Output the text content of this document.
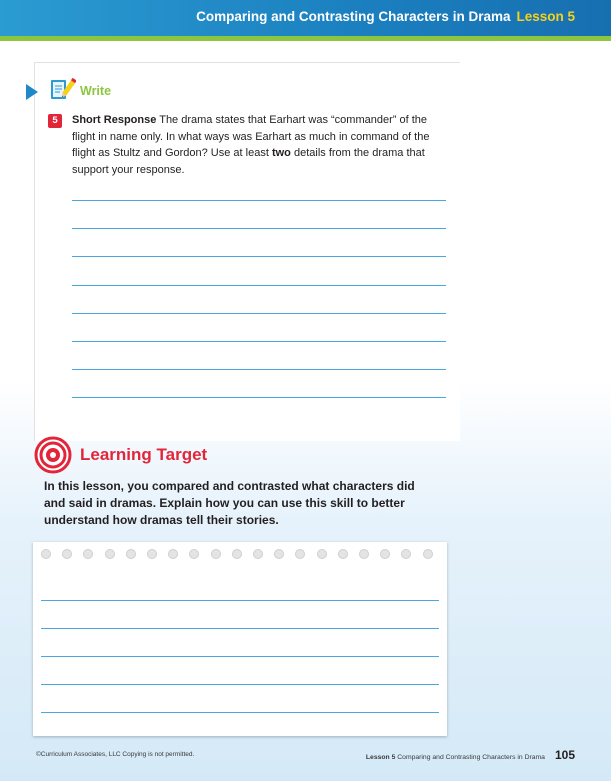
Comparing and Contrasting Characters in Drama Lesson 5
Write
5	Short Response The drama states that Earhart was “commander” of the flight in name only. In what ways was Earhart as much in command of the flight as Stultz and Gordon? Use at least two details from the drama that support your response.
Learning Target
In this lesson, you compared and contrasted what characters did and said in dramas. Explain how you can use this skill to better understand how dramas tell their stories.
©Curriculum Associates, LLC Copying is not permitted.	Lesson 5 Comparing and Contrasting Characters in Drama 105
